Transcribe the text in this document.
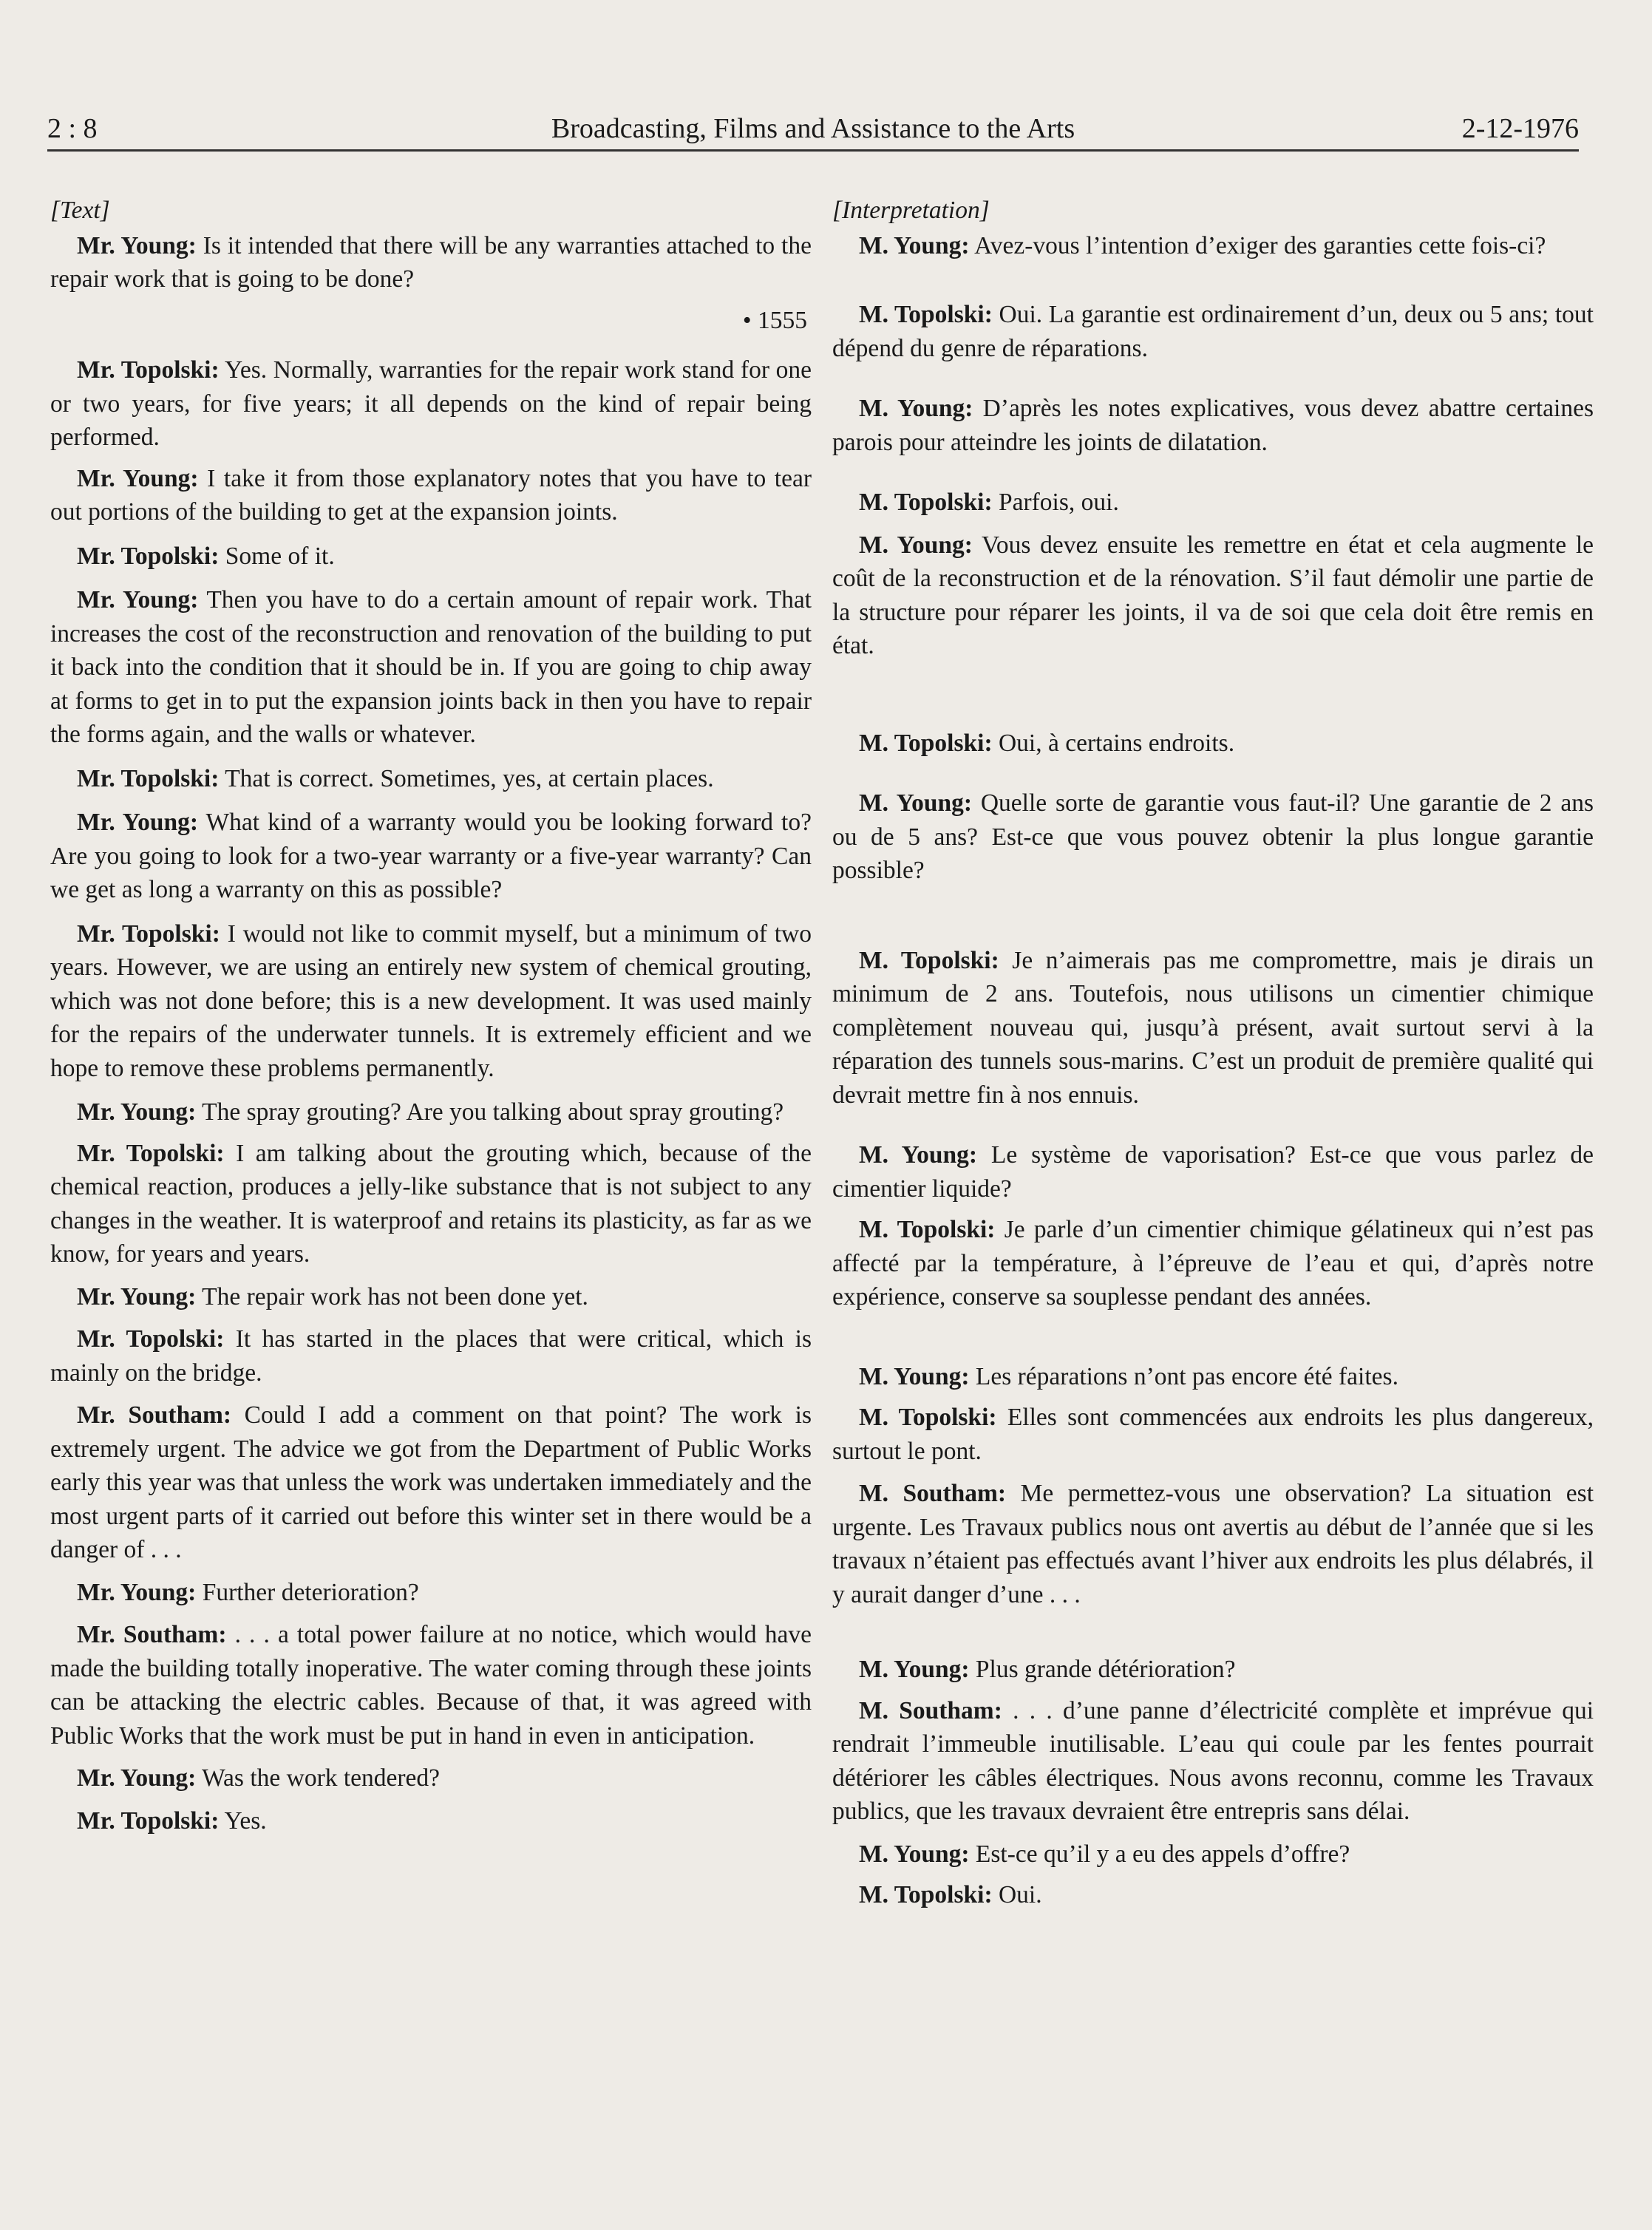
2 : 8	Broadcasting, Films and Assistance to the Arts	2-12-1976
[Text]

Mr. Young: Is it intended that there will be any warranties attached to the repair work that is going to be done?

• 1555

Mr. Topolski: Yes. Normally, warranties for the repair work stand for one or two years, for five years; it all depends on the kind of repair being performed.

Mr. Young: I take it from those explanatory notes that you have to tear out portions of the building to get at the expansion joints.

Mr. Topolski: Some of it.

Mr. Young: Then you have to do a certain amount of repair work. That increases the cost of the reconstruction and renovation of the building to put it back into the condition that it should be in. If you are going to chip away at forms to get in to put the expansion joints back in then you have to repair the forms again, and the walls or whatever.

Mr. Topolski: That is correct. Sometimes, yes, at certain places.

Mr. Young: What kind of a warranty would you be looking forward to? Are you going to look for a two-year warranty or a five-year warranty? Can we get as long a warranty on this as possible?

Mr. Topolski: I would not like to commit myself, but a minimum of two years. However, we are using an entirely new system of chemical grouting, which was not done before; this is a new development. It was used mainly for the repairs of the underwater tunnels. It is extremely efficient and we hope to remove these problems permanently.

Mr. Young: The spray grouting? Are you talking about spray grouting?

Mr. Topolski: I am talking about the grouting which, because of the chemical reaction, produces a jelly-like substance that is not subject to any changes in the weather. It is waterproof and retains its plasticity, as far as we know, for years and years.

Mr. Young: The repair work has not been done yet.

Mr. Topolski: It has started in the places that were critical, which is mainly on the bridge.

Mr. Southam: Could I add a comment on that point? The work is extremely urgent. The advice we got from the Department of Public Works early this year was that unless the work was undertaken immediately and the most urgent parts of it carried out before this winter set in there would be a danger of . . .

Mr. Young: Further deterioration?

Mr. Southam: . . . a total power failure at no notice, which would have made the building totally inoperative. The water coming through these joints can be attacking the electric cables. Because of that, it was agreed with Public Works that the work must be put in hand in even in anticipation.

Mr. Young: Was the work tendered?

Mr. Topolski: Yes.

[Interpretation]

M. Young: Avez-vous l’intention d’exiger des garanties cette fois-ci?

M. Topolski: Oui. La garantie est ordinairement d’un, deux ou 5 ans; tout dépend du genre de réparations.

M. Young: D’après les notes explicatives, vous devez abattre certaines parois pour atteindre les joints de dilatation.

M. Topolski: Parfois, oui.

M. Young: Vous devez ensuite les remettre en état et cela augmente le coût de la reconstruction et de la rénovation. S’il faut démolir une partie de la structure pour réparer les joints, il va de soi que cela doit être remis en état.

M. Topolski: Oui, à certains endroits.

M. Young: Quelle sorte de garantie vous faut-il? Une garantie de 2 ans ou de 5 ans? Est-ce que vous pouvez obtenir la plus longue garantie possible?

M. Topolski: Je n’aimerais pas me compromettre, mais je dirais un minimum de 2 ans. Toutefois, nous utilisons un cimentier chimique complètement nouveau qui, jusqu’à présent, avait surtout servi à la réparation des tunnels sous-marins. C’est un produit de première qualité qui devrait mettre fin à nos ennuis.

M. Young: Le système de vaporisation? Est-ce que vous parlez de cimentier liquide?

M. Topolski: Je parle d’un cimentier chimique gélatineux qui n’est pas affecté par la température, à l’épreuve de l’eau et qui, d’après notre expérience, conserve sa souplesse pendant des années.

M. Young: Les réparations n’ont pas encore été faites.

M. Topolski: Elles sont commencées aux endroits les plus dangereux, surtout le pont.

M. Southam: Me permettez-vous une observation? La situation est urgente. Les Travaux publics nous ont avertis au début de l’année que si les travaux n’étaient pas effectués avant l’hiver aux endroits les plus délabrés, il y aurait danger d’une . . .

M. Young: Plus grande détérioration?

M. Southam: . . . d’une panne d’électricité complète et imprévue qui rendrait l’immeuble inutilisable. L’eau qui coule par les fentes pourrait détériorer les câbles électriques. Nous avons reconnu, comme les Travaux publics, que les travaux devraient être entrepris sans délai.

M. Young: Est-ce qu’il y a eu des appels d’offre?

M. Topolski: Oui.
